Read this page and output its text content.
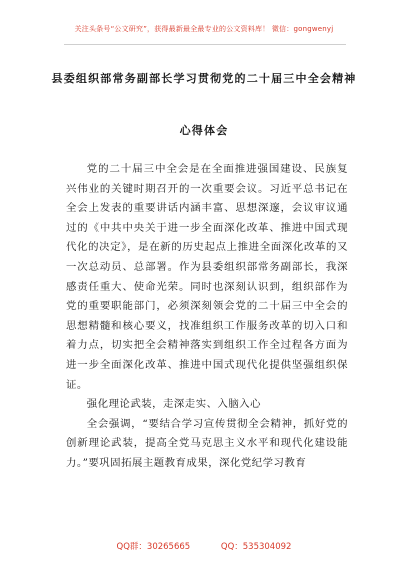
关注头条号“公文研究”，获得最新最全最专业的公文资料库！ 微信：gongwenyj
县委组织部常务副部长学习贯彻党的二十届三中全会精神
心得体会

党的二十届三中全会是在全面推进强国建设、民族复兴伟业的关键时期召开的一次重要会议。习近平总书记在全会上发表的重要讲话内涵丰富、思想深邃，会议审议通过的《中共中央关于进一步全面深化改革、推进中国式现代化的决定》，是在新的历史起点上推进全面深化改革的又一次总动员、总部署。作为县委组织部常务副部长，我深感责任重大、使命光荣。同时也深刻认识到，组织部作为党的重要职能部门，必须深刻领会党的二十届三中全会的思想精髓和核心要义，找准组织工作服务改革的切入口和着力点，切实把全会精神落实到组织工作全过程各方面为进一步全面深化改革、推进中国式现代化提供坚强组织保证。

强化理论武装，走深走实、入脑入心

全会强调，“要结合学习宣传贯彻全会精神，抓好党的创新理论武装，提高全党马克思主义水平和现代化建设能力。”要巩固拓展主题教育成果，深化党纪学习教育

QQ群：30265665	QQ：535304092
